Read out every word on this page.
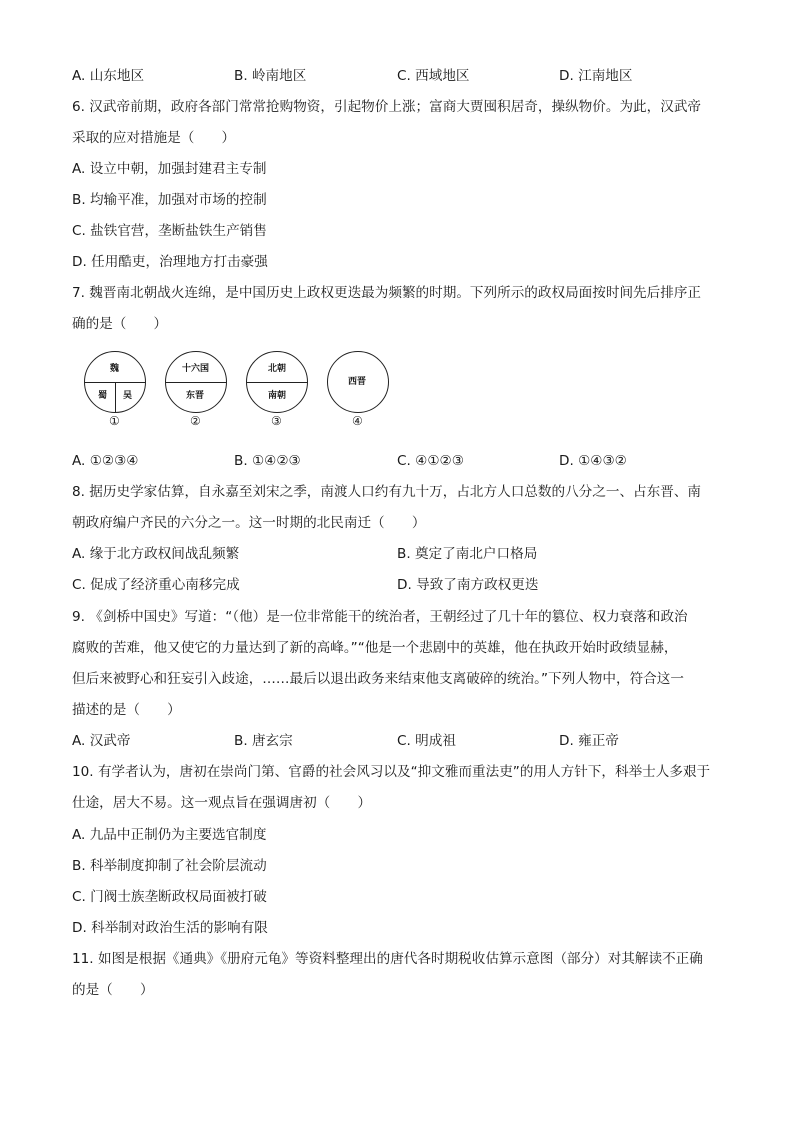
A. 山东地区	B. 岭南地区	C. 西域地区	D. 江南地区
6. 汉武帝前期，政府各部门常常抢购物资，引起物价上涨；富商大贾囤积居奇，操纵物价。为此，汉武帝
采取的应对措施是（　　）
A. 设立中朝，加强封建君主专制
B. 均输平准，加强对市场的控制
C. 盐铁官营，垄断盐铁生产销售
D. 任用酷吏，治理地方打击豪强
7. 魏晋南北朝战火连绵，是中国历史上政权更迭最为频繁的时期。下列所示的政权局面按时间先后排序正
确的是（　　）
魏
蜀 吴
①
十六国
东晋
②
北朝
南朝
③
西晋
④
A. ①②③④	B. ①④②③	C. ④①②③	D. ①④③②
8. 据历史学家估算，自永嘉至刘宋之季，南渡人口约有九十万，占北方人口总数的八分之一、占东晋、南
朝政府编户齐民的六分之一。这一时期的北民南迁（　　）
A. 缘于北方政权间战乱频繁	B. 奠定了南北户口格局
C. 促成了经济重心南移完成	D. 导致了南方政权更迭
9. 《剑桥中国史》写道：“（他）是一位非常能干的统治者，王朝经过了几十年的篡位、权力衰落和政治
腐败的苦难，他又使它的力量达到了新的高峰。”“他是一个悲剧中的英雄，他在执政开始时政绩显赫，
但后来被野心和狂妄引入歧途，……最后以退出政务来结束他支离破碎的统治。”下列人物中，符合这一
描述的是（　　）
A. 汉武帝	B. 唐玄宗	C. 明成祖	D. 雍正帝
10. 有学者认为，唐初在崇尚门第、官爵的社会风习以及“抑文雅而重法吏”的用人方针下，科举士人多艰于
仕途，居大不易。这一观点旨在强调唐初（　　）
A. 九品中正制仍为主要选官制度
B. 科举制度抑制了社会阶层流动
C. 门阀士族垄断政权局面被打破
D. 科举制对政治生活的影响有限
11. 如图是根据《通典》《册府元龟》等资料整理出的唐代各时期税收估算示意图（部分）对其解读不正确
的是（　　）
